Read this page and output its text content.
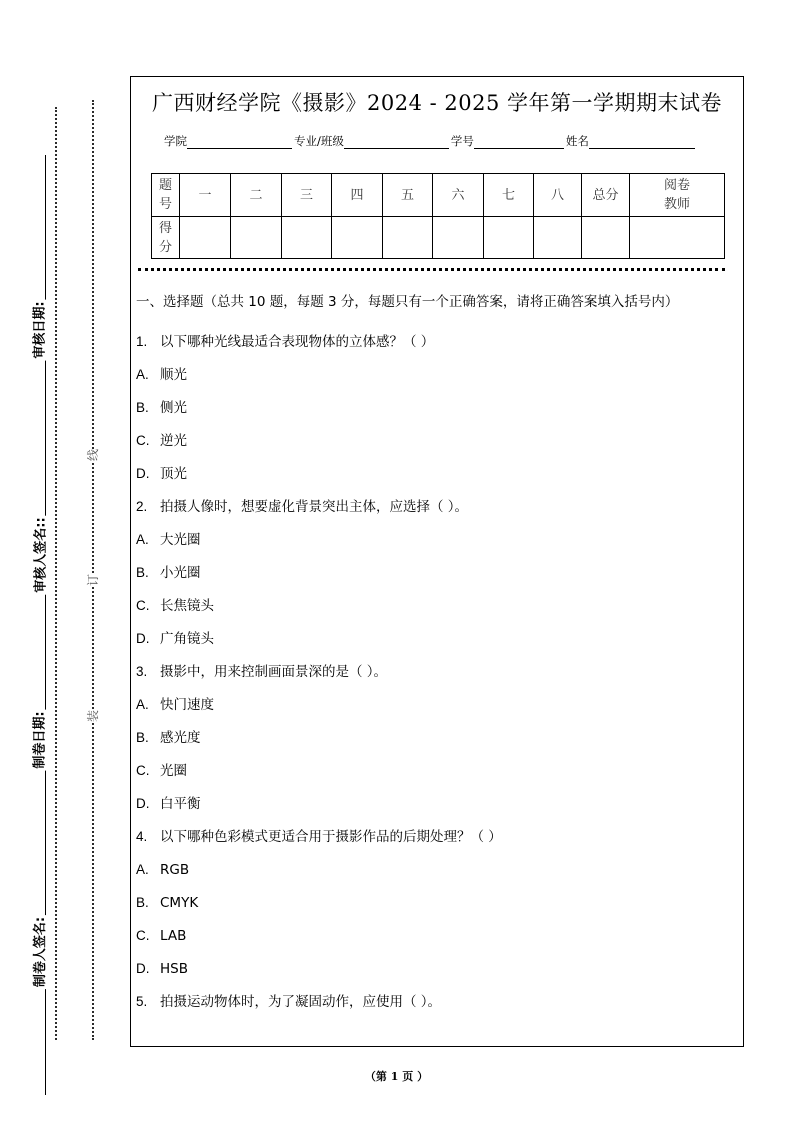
审核日期:
审核人签名::
制卷日期:
制卷人签名:
线
订
装
广西财经学院《摄影》2024 - 2025 学年第一学期期末试卷
学院	专业/班级	学号	姓名
题号	一	二	三	四	五	六	七	八	总分	阅卷教师
得分										
一、选择题（总共 10 题，每题 3 分，每题只有一个正确答案，请将正确答案填入括号内）
1. 以下哪种光线最适合表现物体的立体感？（ ）
A. 顺光
B. 侧光
C. 逆光
D. 顶光
2. 拍摄人像时，想要虚化背景突出主体，应选择（ ）。
A. 大光圈
B. 小光圈
C. 长焦镜头
D. 广角镜头
3. 摄影中，用来控制画面景深的是（ ）。
A. 快门速度
B. 感光度
C. 光圈
D. 白平衡
4. 以下哪种色彩模式更适合用于摄影作品的后期处理？（ ）
A. RGB
B. CMYK
C. LAB
D. HSB
5. 拍摄运动物体时，为了凝固动作，应使用（ ）。
（第 1 页 ）
